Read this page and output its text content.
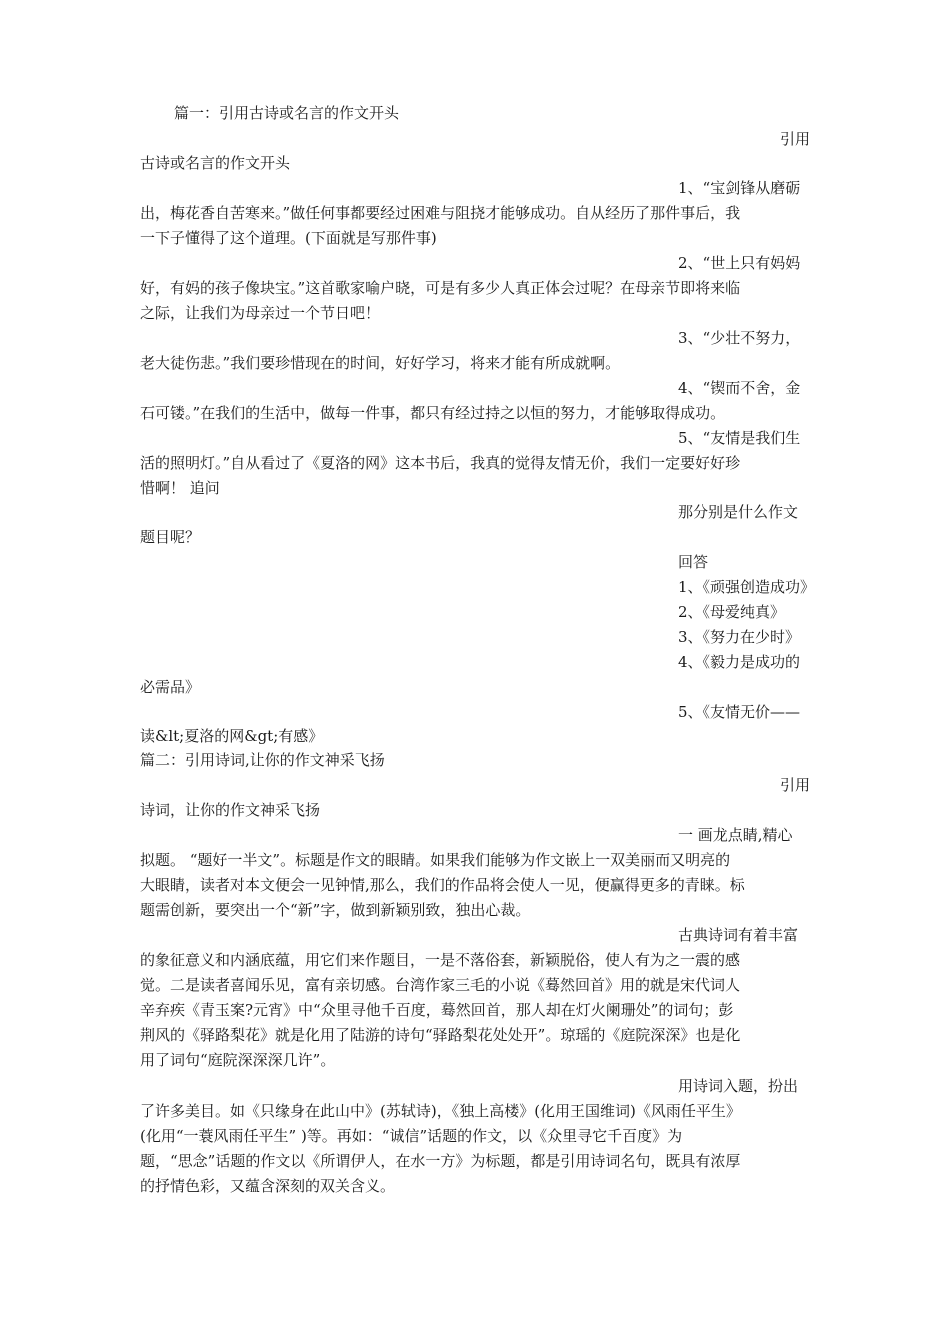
篇一：引用古诗或名言的作文开头
引用
古诗或名言的作文开头
1、“宝剑锋从磨砺
出，梅花香自苦寒来。”做任何事都要经过困难与阻挠才能够成功。自从经历了那件事后，我
一下子懂得了这个道理。(下面就是写那件事)
2、“世上只有妈妈
好，有妈的孩子像块宝。”这首歌家喻户晓，可是有多少人真正体会过呢？在母亲节即将来临
之际，让我们为母亲过一个节日吧！
3、“少壮不努力，
老大徒伤悲。”我们要珍惜现在的时间，好好学习，将来才能有所成就啊。
4、“锲而不舍，金
石可镂。”在我们的生活中，做每一件事，都只有经过持之以恒的努力，才能够取得成功。
5、“友情是我们生
活的照明灯。”自从看过了《夏洛的网》这本书后，我真的觉得友情无价，我们一定要好好珍
惜啊！ 追问
那分别是什么作文
题目呢？
回答
1、《顽强创造成功》
2、《母爱纯真》
3、《努力在少时》
4、《毅力是成功的
必需品》
5、《友情无价——
读&lt;夏洛的网&gt;有感》
篇二：引用诗词,让你的作文神采飞扬
引用
诗词，让你的作文神采飞扬
一 画龙点睛,精心
拟题。 “题好一半文”。标题是作文的眼睛。如果我们能够为作文嵌上一双美丽而又明亮的
大眼睛，读者对本文便会一见钟情,那么，我们的作品将会使人一见，便赢得更多的青睐。标
题需创新，要突出一个“新”字，做到新颖别致，独出心裁。
古典诗词有着丰富
的象征意义和内涵底蕴，用它们来作题目，一是不落俗套，新颖脱俗，使人有为之一震的感
觉。二是读者喜闻乐见，富有亲切感。台湾作家三毛的小说《蓦然回首》用的就是宋代词人
辛弃疾《青玉案?元宵》中“众里寻他千百度，蓦然回首，那人却在灯火阑珊处”的词句；彭
荆风的《驿路梨花》就是化用了陆游的诗句“驿路梨花处处开”。琼瑶的《庭院深深》也是化
用了词句“庭院深深深几许”。
用诗词入题，扮出
了许多美目。如《只缘身在此山中》(苏轼诗)，《独上高楼》(化用王国维词)《风雨任平生》
(化用“一蓑风雨任平生” )等。再如：“诚信”话题的作文，以《众里寻它千百度》为
题，“思念”话题的作文以《所谓伊人，在水一方》为标题，都是引用诗词名句，既具有浓厚
的抒情色彩，又蕴含深刻的双关含义。
